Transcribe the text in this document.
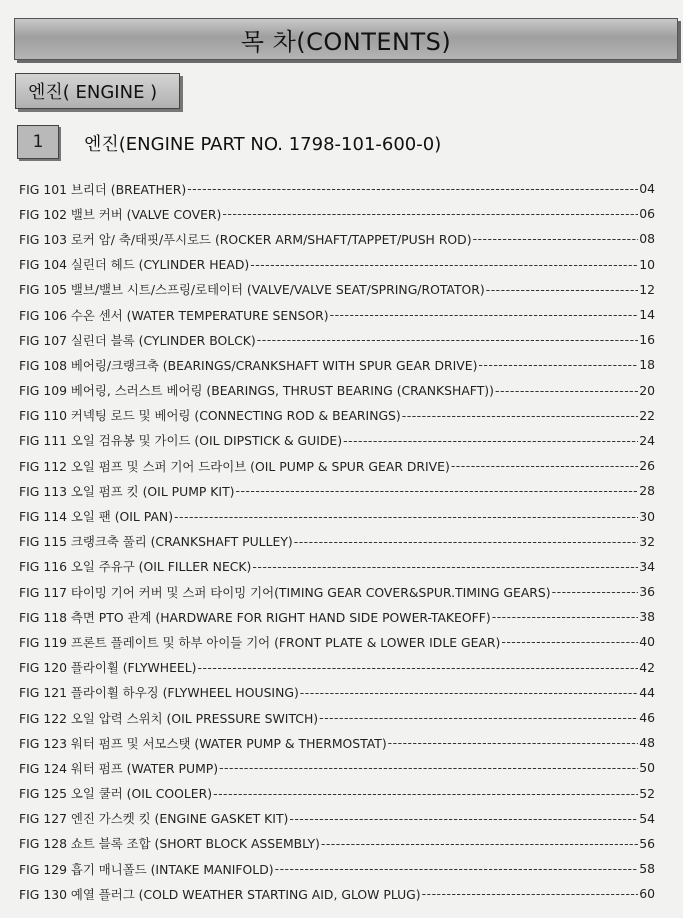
목 차(CONTENTS)
엔진( ENGINE )
1	엔진(ENGINE PART NO. 1798-101-600-0)
FIG 101 브리더 (BREATHER) -----	04
FIG 102 밸브 커버 (VALVE COVER) -----	06
FIG 103 로커 암/ 축/태핏/푸시로드 (ROCKER ARM/SHAFT/TAPPET/PUSH ROD) -----	08
FIG 104 실린더 헤드 (CYLINDER HEAD) -----	10
FIG 105 밸브/밸브 시트/스프링/로테이터 (VALVE/VALVE SEAT/SPRING/ROTATOR) -----	12
FIG 106 수온 센서 (WATER TEMPERATURE SENSOR) -----	14
FIG 107 실린더 블록 (CYLINDER BOLCK) -----	16
FIG 108 베어링/크랭크축 (BEARINGS/CRANKSHAFT WITH SPUR GEAR DRIVE) -----	18
FIG 109 베어링, 스러스트 베어링 (BEARINGS, THRUST BEARING (CRANKSHAFT)) -----	20
FIG 110 커넥팅 로드 및 베어링 (CONNECTING ROD & BEARINGS) -----	22
FIG 111 오일 검유봉 및 가이드 (OIL DIPSTICK & GUIDE) -----	24
FIG 112 오일 펌프 및 스퍼 기어 드라이브 (OIL PUMP & SPUR GEAR DRIVE) -----	26
FIG 113 오일 펌프 킷 (OIL PUMP KIT) -----	28
FIG 114 오일 팬 (OIL PAN) -----	30
FIG 115 크랭크축 풀리 (CRANKSHAFT PULLEY) -----	32
FIG 116 오일 주유구 (OIL FILLER NECK) -----	34
FIG 117 타이밍 기어 커버 및 스퍼 타이밍 기어(TIMING GEAR COVER&SPUR.TIMING GEARS) -----	36
FIG 118 측면 PTO 관계 (HARDWARE FOR RIGHT HAND SIDE POWER-TAKEOFF) -----	38
FIG 119 프론트 플레이트 및 하부 아이들 기어 (FRONT PLATE & LOWER IDLE GEAR) -----	40
FIG 120 플라이휠 (FLYWHEEL) -----	42
FIG 121 플라이휠 하우징 (FLYWHEEL HOUSING) -----	44
FIG 122 오일 압력 스위치 (OIL PRESSURE SWITCH) -----	46
FIG 123 워터 펌프 및 서모스탯 (WATER PUMP & THERMOSTAT) -----	48
FIG 124 워터 펌프 (WATER PUMP) -----	50
FIG 125 오일 쿨러 (OIL COOLER) -----	52
FIG 127 엔진 가스켓 킷 (ENGINE GASKET KIT) -----	54
FIG 128 쇼트 블록 조합 (SHORT BLOCK ASSEMBLY) -----	56
FIG 129 흡기 매니폴드 (INTAKE MANIFOLD) -----	58
FIG 130 예열 플러그 (COLD WEATHER STARTING AID, GLOW PLUG) -----	60
